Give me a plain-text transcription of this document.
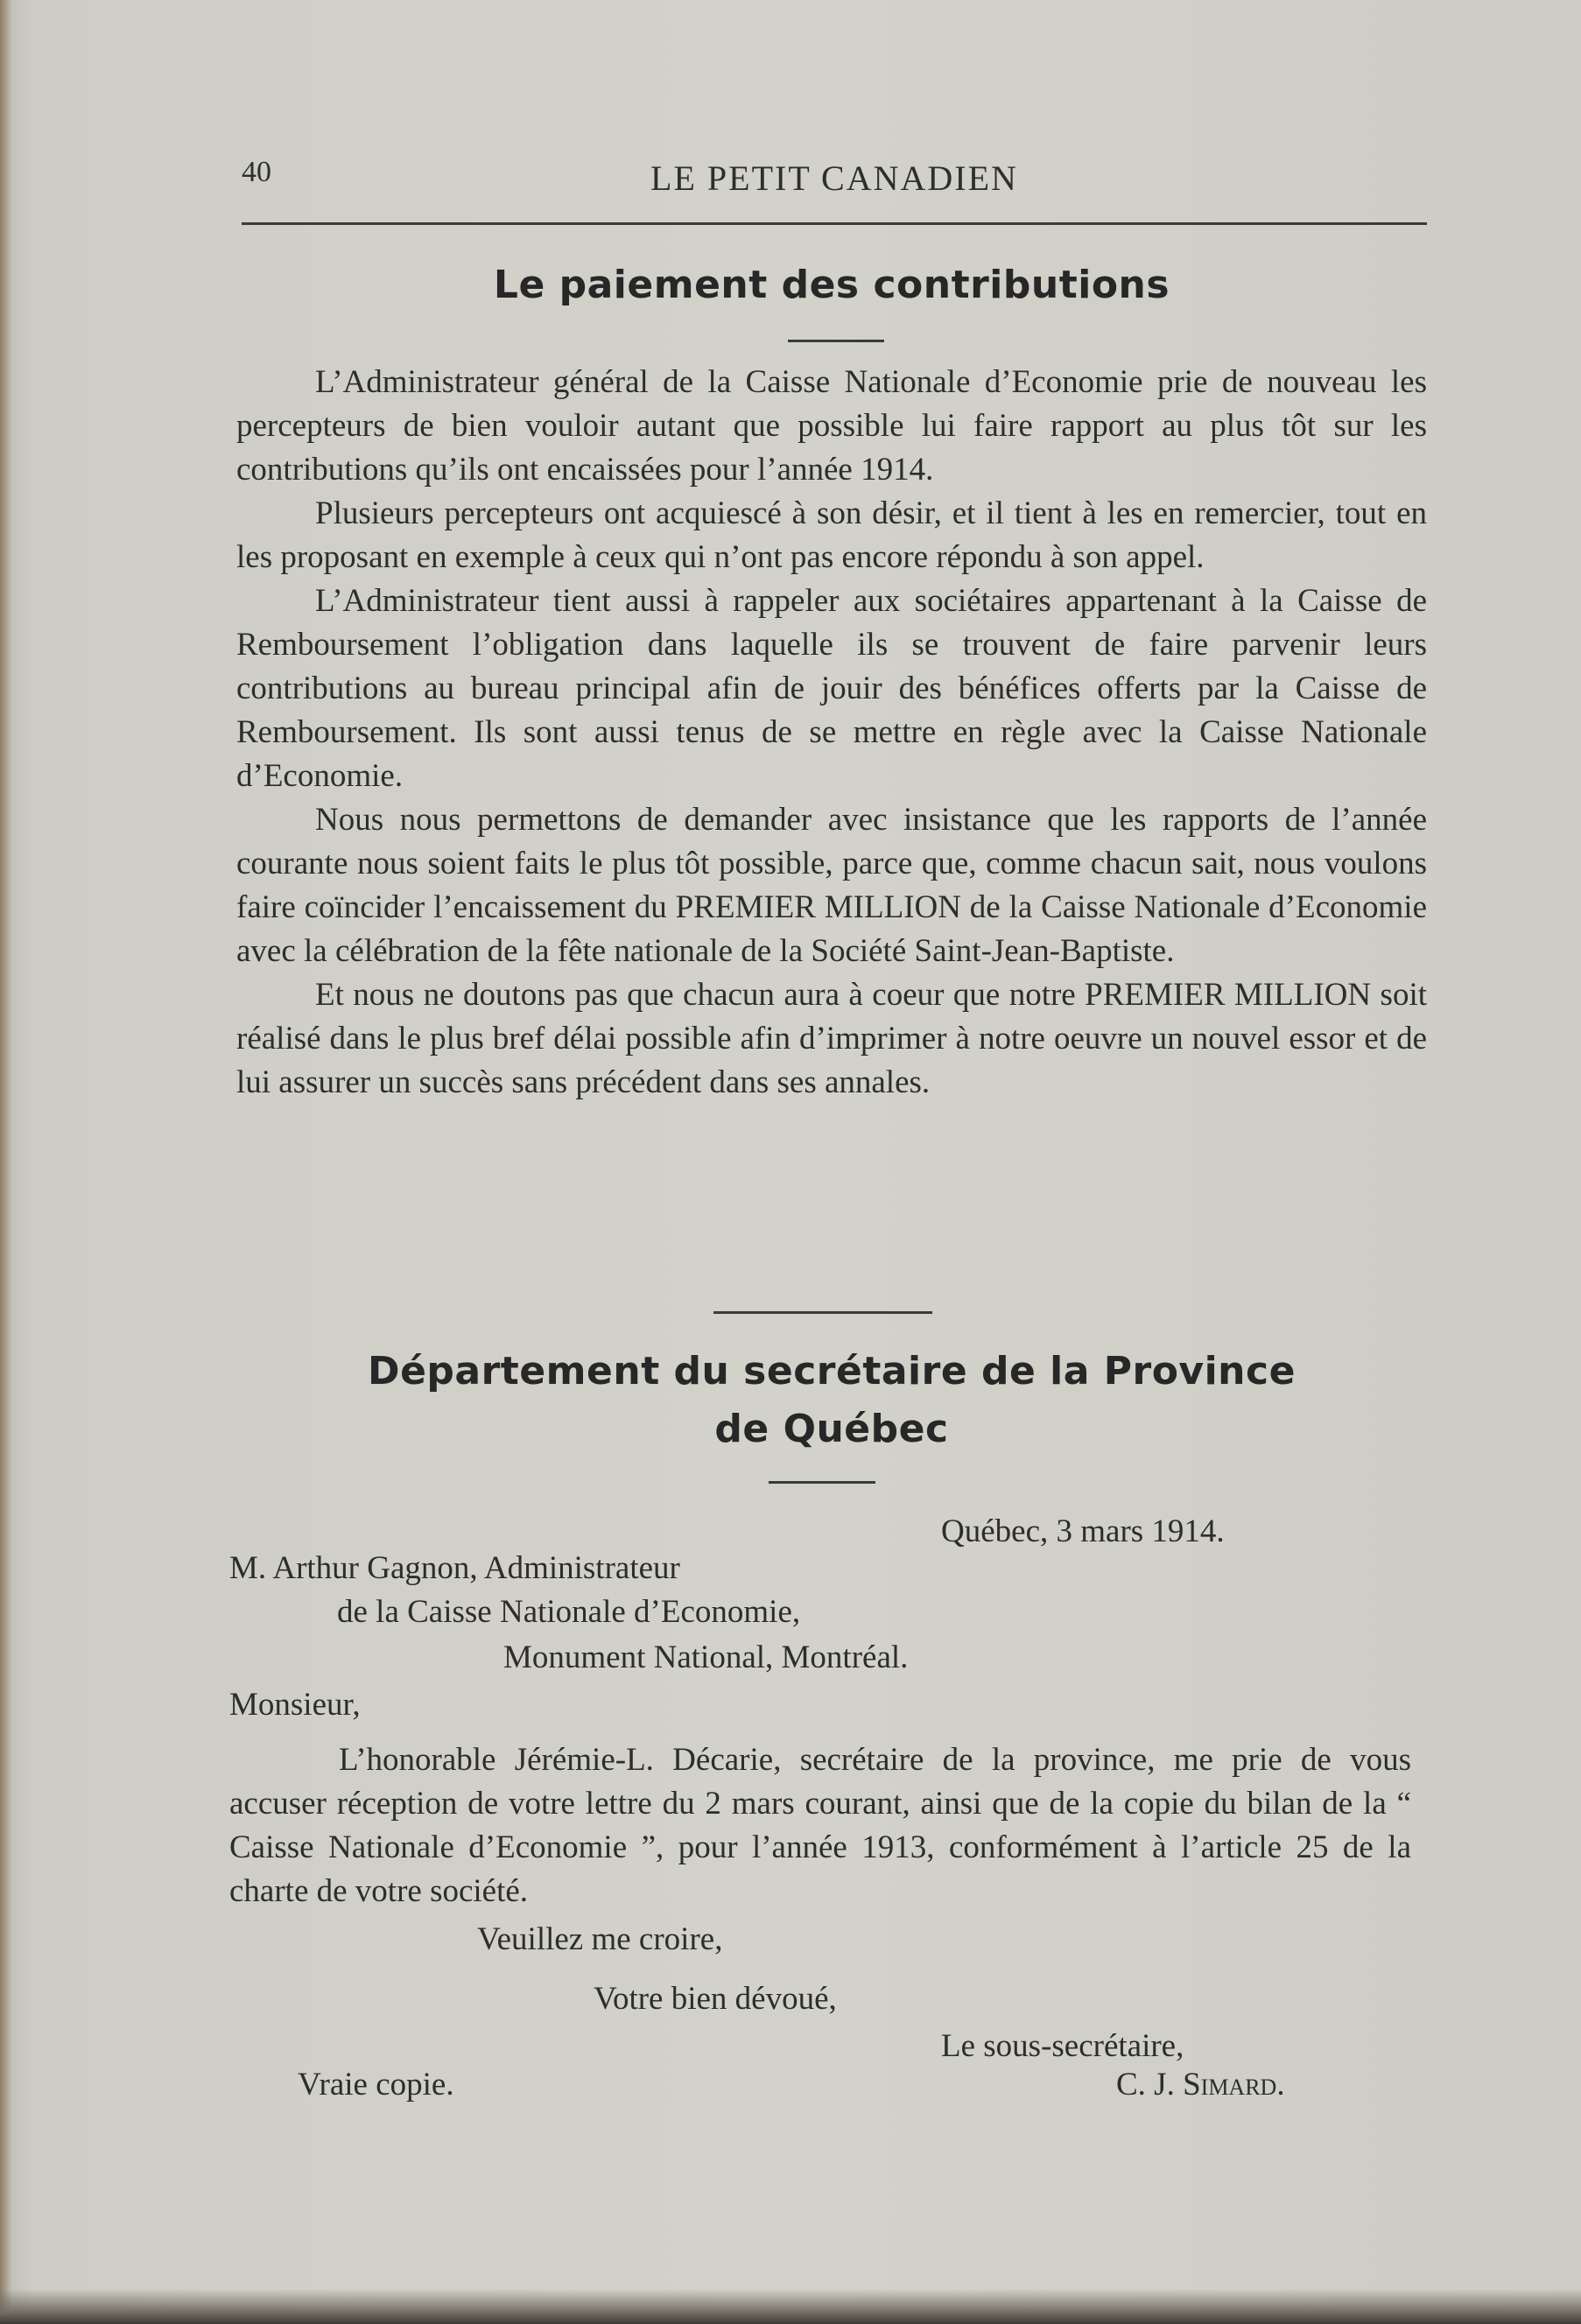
40	LE PETIT CANADIEN
Le paiement des contributions

L’Administrateur général de la Caisse Nationale d’Economie prie de nouveau les percepteurs de bien vouloir autant que possible lui faire rapport au plus tôt sur les contributions qu’ils ont encaissées pour l’année 1914.

Plusieurs percepteurs ont acquiescé à son désir, et il tient à les en remercier, tout en les proposant en exemple à ceux qui n’ont pas encore répondu à son appel.

L’Administrateur tient aussi à rappeler aux sociétaires appartenant à la Caisse de Remboursement l’obligation dans laquelle ils se trouvent de faire parvenir leurs contributions au bureau principal afin de jouir des bénéfices offerts par la Caisse de Remboursement. Ils sont aussi tenus de se mettre en règle avec la Caisse Nationale d’Economie.

Nous nous permettons de demander avec insistance que les rapports de l’année courante nous soient faits le plus tôt possible, parce que, comme chacun sait, nous voulons faire coïncider l’encaissement du PREMIER MILLION de la Caisse Nationale d’Economie avec la célébration de la fête nationale de la Société Saint-Jean-Baptiste.

Et nous ne doutons pas que chacun aura à coeur que notre PREMIER MILLION soit réalisé dans le plus bref délai possible afin d’imprimer à notre oeuvre un nouvel essor et de lui assurer un succès sans précédent dans ses annales.

Département du secrétaire de la Province
de Québec
Québec, 3 mars 1914.
M. Arthur Gagnon, Administrateur
de la Caisse Nationale d’Economie,
Monument National, Montréal.
Monsieur,

L’honorable Jérémie-L. Décarie, secrétaire de la province, me prie de vous accuser réception de votre lettre du 2 mars courant, ainsi que de la copie du bilan de la “ Caisse Nationale d’Economie ”, pour l’année 1913, conformément à l’article 25 de la charte de votre société.

Veuillez me croire,
Votre bien dévoué,
Le sous-secrétaire,
Vraie copie.	C. J. Simard.
